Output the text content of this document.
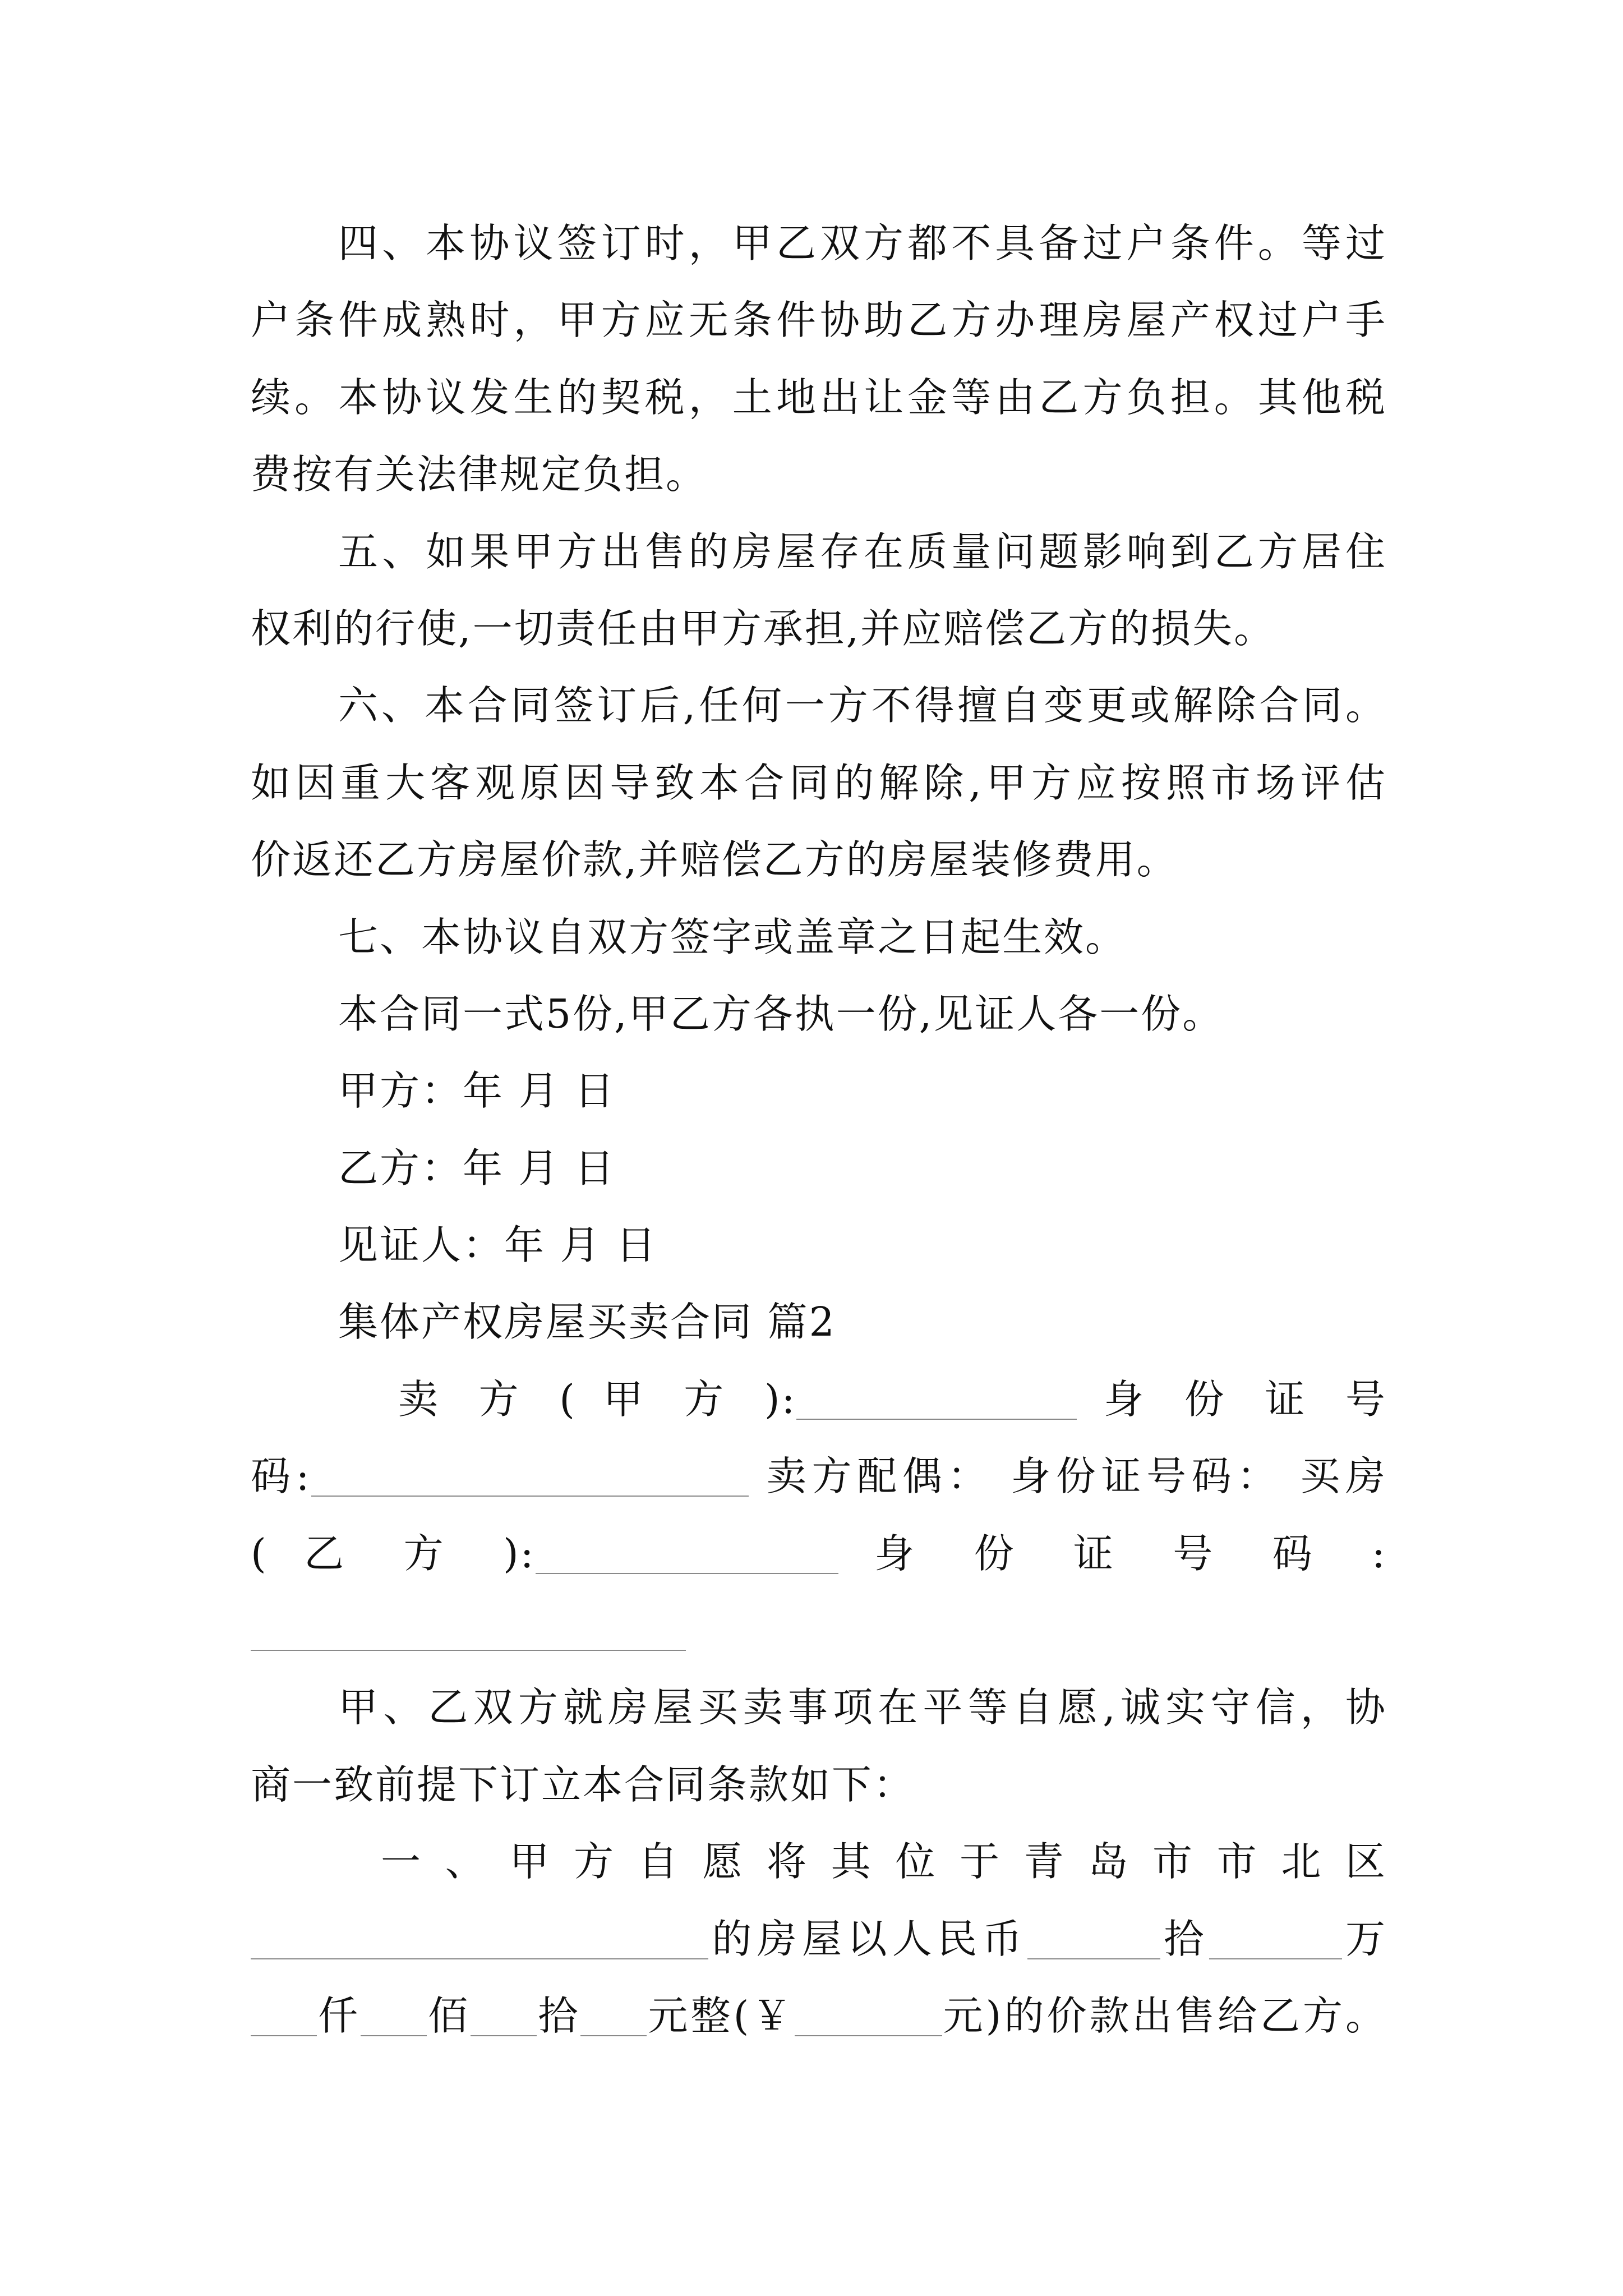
四、本协议签订时，甲乙双方都不具备过户条件。等过
户条件成熟时，甲方应无条件协助乙方办理房屋产权过户手
续。本协议发生的契税，土地出让金等由乙方负担。其他税
费按有关法律规定负担。
五、如果甲方出售的房屋存在质量问题影响到乙方居住
权利的行使,一切责任由甲方承担,并应赔偿乙方的损失。
六、本合同签订后,任何一方不得擅自变更或解除合同。
如因重大客观原因导致本合同的解除,甲方应按照市场评估
价返还乙方房屋价款,并赔偿乙方的房屋装修费用。
七、本协议自双方签字或盖章之日起生效。
本合同一式5份,甲乙方各执一份,见证人各一份。
甲方：年 月 日
乙方：年 月 日
见证人：年 月 日
集体产权房屋买卖合同 篇2
卖 方 ( 甲 方 ):	身 份 证 号
码:	卖方配偶： 身份证号码： 买房
( 乙 方 ):	身 份 证 号 码 :
甲、乙双方就房屋买卖事项在平等自愿,诚实守信，协
商一致前提下订立本合同条款如下：
一 、 甲 方 自 愿 将 其 位 于 青 岛 市 市 北 区
的房屋以人民币	拾	万
仟 佰 拾 元整(￥	元)的价款出售给乙方。
